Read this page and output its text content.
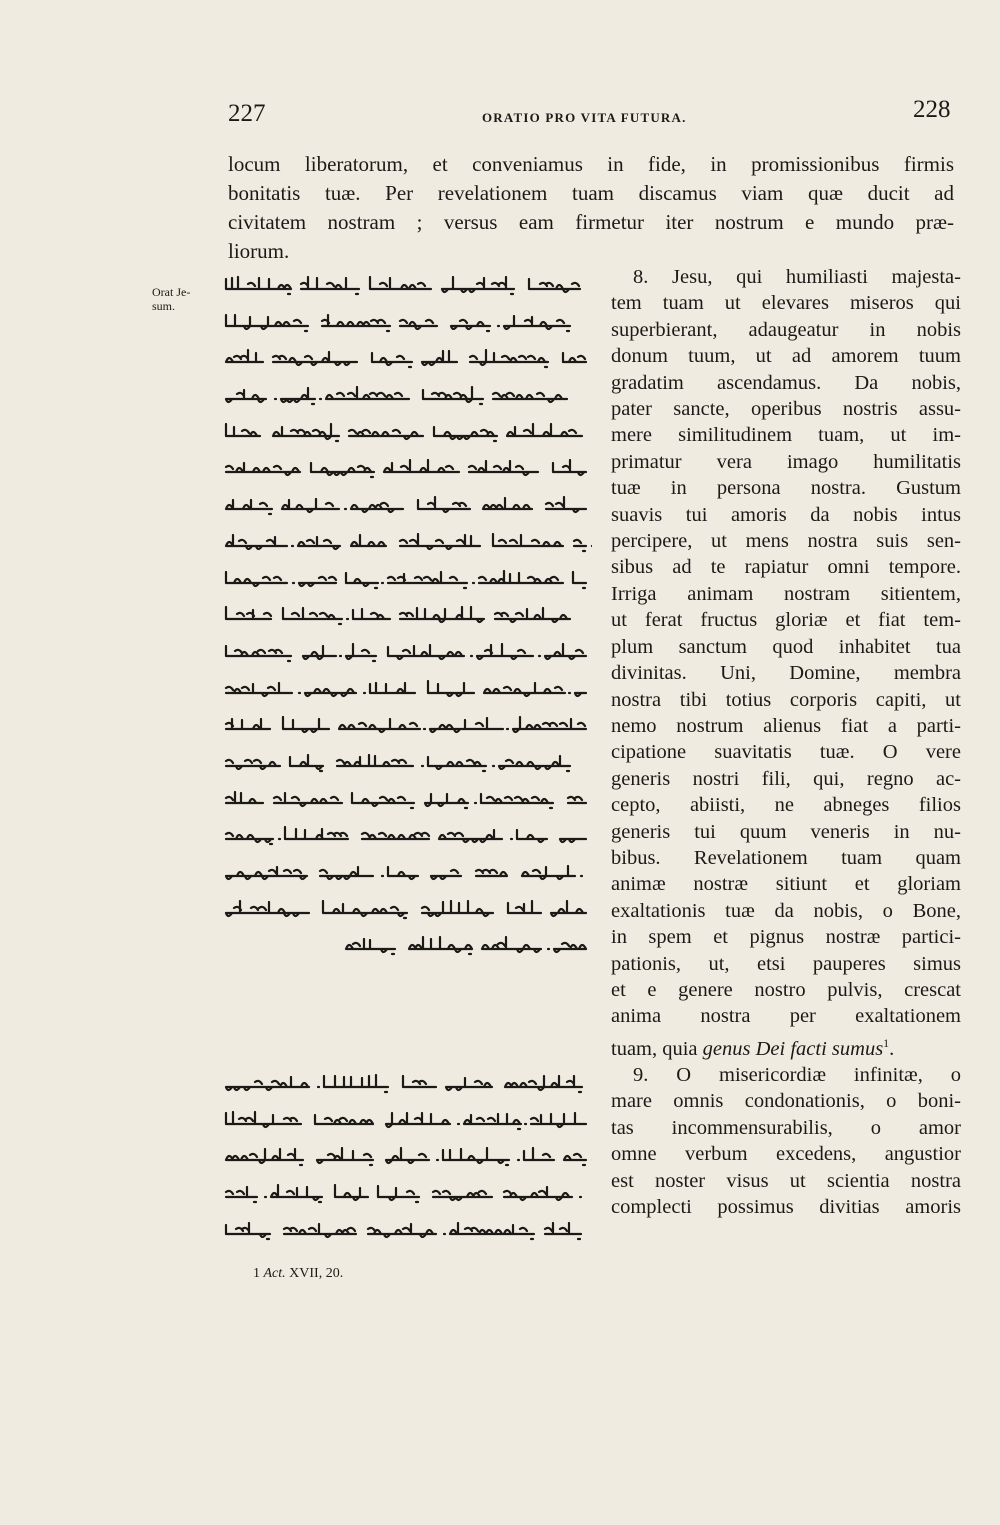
227	ORATIO PRO VITA FUTURA.	228
locum liberatorum, et conveniamus in fide, in promissionibus firmis
bonitatis tuæ. Per revelationem tuam discamus viam quæ ducit ad
civitatem nostram ; versus eam firmetur iter nostrum e mundo præ-
liorum.
Orat Je-
sum.
8. Jesu, qui humiliasti majesta-
tem tuam ut elevares miseros qui
superbierant, adaugeatur in nobis
donum tuum, ut ad amorem tuum
gradatim ascendamus. Da nobis,
pater sancte, operibus nostris assu-
mere similitudinem tuam, ut im-
primatur vera imago humilitatis
tuæ in persona nostra. Gustum
suavis tui amoris da nobis intus
percipere, ut mens nostra suis sen-
sibus ad te rapiatur omni tempore.
Irriga animam nostram sitientem,
ut ferat fructus gloriæ et fiat tem-
plum sanctum quod inhabitet tua
divinitas. Uni, Domine, membra
nostra tibi totius corporis capiti, ut
nemo nostrum alienus fiat a parti-
cipatione suavitatis tuæ. O vere
generis nostri fili, qui, regno ac-
cepto, abiisti, ne abneges filios
generis tui quum veneris in nu-
bibus. Revelationem tuam quam
animæ nostræ sitiunt et gloriam
exaltationis tuæ da nobis, o Bone,
in spem et pignus nostræ partici-
pationis, ut, etsi pauperes simus
et e genere nostro pulvis, crescat
anima nostra per exaltationem
tuam, quia genus Dei facti sumus$^1$.
9. O misericordiæ infinitæ, o
mare omnis condonationis, o boni-
tas incommensurabilis, o amor
omne verbum excedens, angustior
est noster visus ut scientia nostra
complecti possimus divitias amoris
1 Act. XVII, 20.
